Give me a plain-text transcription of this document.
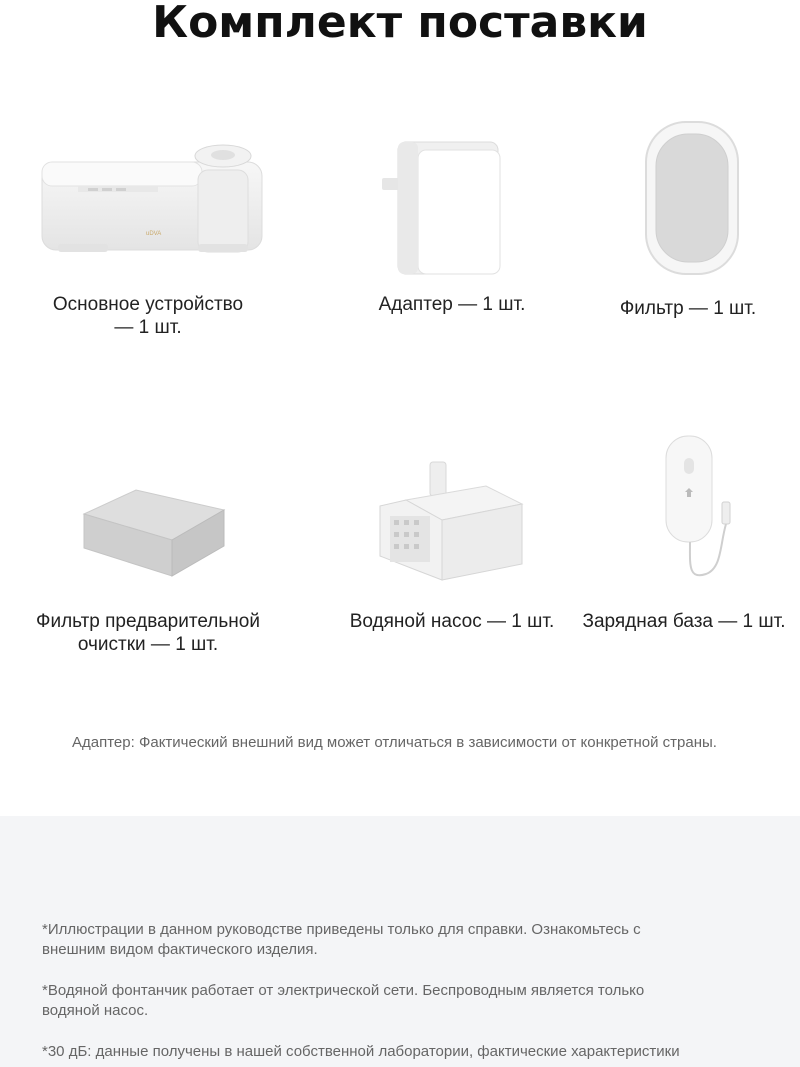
Комплект поставки
uDVA
Основное устройство
— 1 шт.
Адаптер — 1 шт.	Фильтр — 1 шт.
Фильтр предварительной
очистки — 1 шт.
Водяной насос — 1 шт.	Зарядная база — 1 шт.
Адаптер: Фактический внешний вид может отличаться в зависимости от конкретной страны.
*Иллюстрации в данном руководстве приведены только для справки. Ознакомьтесь с
внешним видом фактического изделия.
*Водяной фонтанчик работает от электрической сети. Беспроводным является только
водяной насос.
*30 дБ: данные получены в нашей собственной лаборатории, фактические характеристики
